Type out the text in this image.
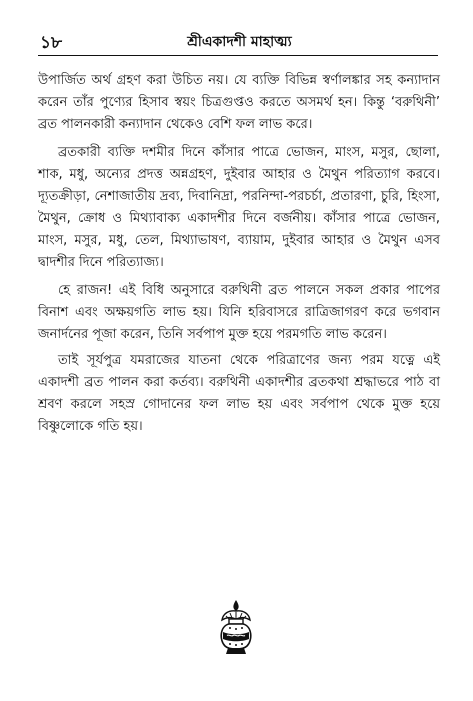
১৮	শ্রীএকাদশী মাহাত্ম্য

উপার্জিত অর্থ গ্রহণ করা উচিত নয়। যে ব্যক্তি বিভিন্ন স্বর্ণালঙ্কার সহ কন্যাদান করেন তাঁর পুণ্যের হিসাব স্বয়ং চিত্রগুপ্তও করতে অসমর্থ হন। কিন্তু ‘বরুথিনী’ ব্রত পালনকারী কন্যাদান থেকেও বেশি ফল লাভ করে।

ব্রতকারী ব্যক্তি দশমীর দিনে কাঁসার পাত্রে ভোজন, মাংস, মসুর, ছোলা, শাক, মধু, অন্যের প্রদত্ত অন্নগ্রহণ, দুইবার আহার ও মৈথুন পরিত্যাগ করবে। দ্যূতক্রীড়া, নেশাজাতীয় দ্রব্য, দিবানিদ্রা, পরনিন্দা-পরচর্চা, প্রতারণা, চুরি, হিংসা, মৈথুন, ক্রোধ ও মিথ্যাবাক্য একাদশীর দিনে বর্জনীয়। কাঁসার পাত্রে ভোজন, মাংস, মসুর, মধু, তেল, মিথ্যাভাষণ, ব্যায়াম, দুইবার আহার ও মৈথুন এসব দ্বাদশীর দিনে পরিত্যাজ্য।

হে রাজন! এই বিধি অনুসারে বরুথিনী ব্রত পালনে সকল প্রকার পাপের বিনাশ এবং অক্ষয়গতি লাভ হয়। যিনি হরিবাসরে রাত্রিজাগরণ করে ভগবান জনার্দনের পূজা করেন, তিনি সর্বপাপ মুক্ত হয়ে পরমগতি লাভ করেন।

তাই সূর্যপুত্র যমরাজের যাতনা থেকে পরিত্রাণের জন্য পরম যত্নে এই একাদশী ব্রত পালন করা কর্তব্য। বরুথিনী একাদশীর ব্রতকথা শ্রদ্ধাভরে পাঠ বা শ্রবণ করলে সহস্র গোদানের ফল লাভ হয় এবং সর্বপাপ থেকে মুক্ত হয়ে বিষ্ণুলোকে গতি হয়।
